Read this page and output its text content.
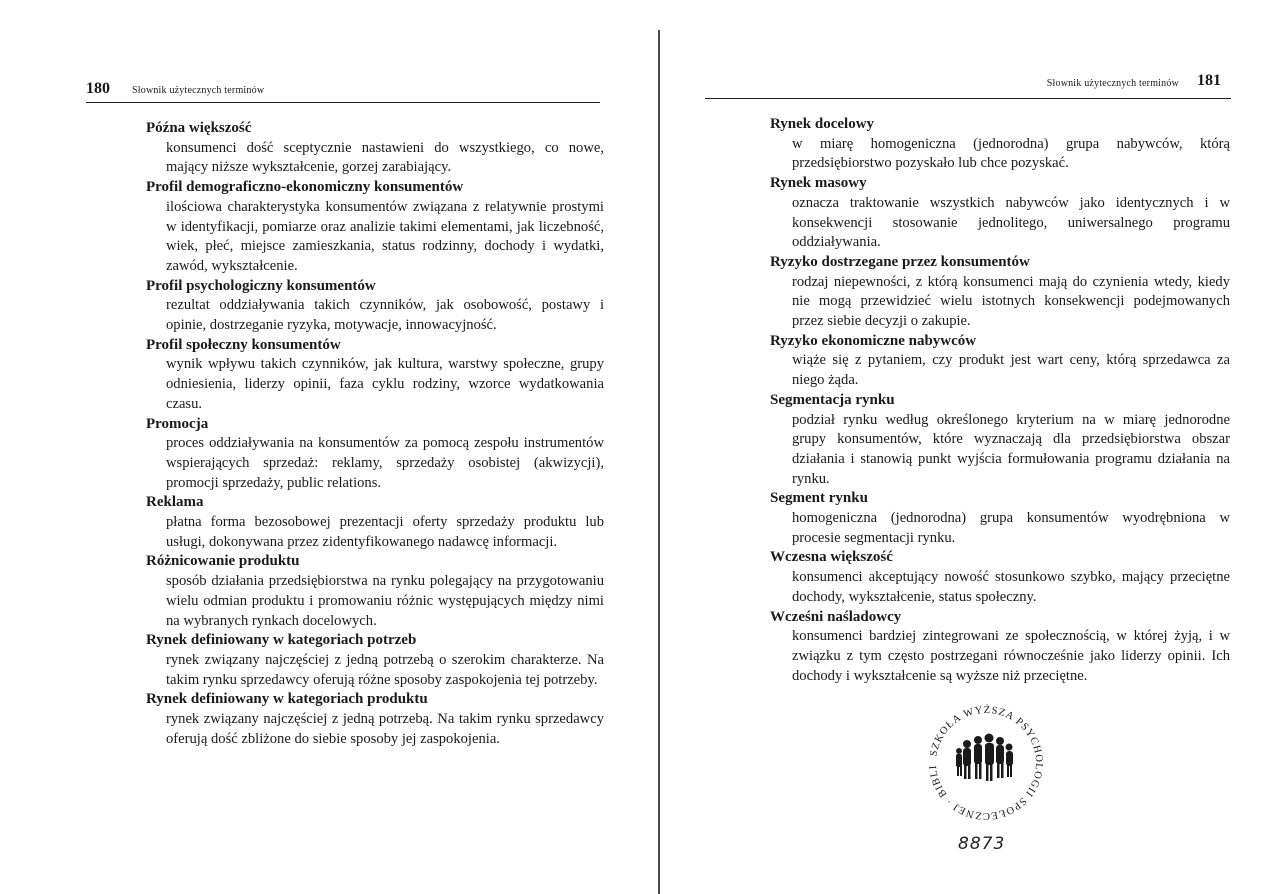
180 Słownik użytecznych terminów
Późna większość
konsumenci dość sceptycznie nastawieni do wszystkiego, co nowe, mający niższe wykształcenie, gorzej zarabiający.
Profil demograficzno-ekonomiczny konsumentów
ilościowa charakterystyka konsumentów związana z relatywnie prostymi w identyfikacji, pomiarze oraz analizie takimi elementami, jak liczebność, wiek, płeć, miejsce zamieszkania, status rodzinny, dochody i wydatki, zawód, wykształcenie.
Profil psychologiczny konsumentów
rezultat oddziaływania takich czynników, jak osobowość, postawy i opinie, dostrzeganie ryzyka, motywacje, innowacyjność.
Profil społeczny konsumentów
wynik wpływu takich czynników, jak kultura, warstwy społeczne, grupy odniesienia, liderzy opinii, faza cyklu rodziny, wzorce wydatkowania czasu.
Promocja
proces oddziaływania na konsumentów za pomocą zespołu instrumentów wspierających sprzedaż: reklamy, sprzedaży osobistej (akwizycji), promocji sprzedaży, public relations.
Reklama
płatna forma bezosobowej prezentacji oferty sprzedaży produktu lub usługi, dokonywana przez zidentyfikowanego nadawcę informacji.
Różnicowanie produktu
sposób działania przedsiębiorstwa na rynku polegający na przygotowaniu wielu odmian produktu i promowaniu różnic występujących między nimi na wybranych rynkach docelowych.
Rynek definiowany w kategoriach potrzeb
rynek związany najczęściej z jedną potrzebą o szerokim charakterze. Na takim rynku sprzedawcy oferują różne sposoby zaspokojenia tej potrzeby.
Rynek definiowany w kategoriach produktu
rynek związany najczęściej z jedną potrzebą. Na takim rynku sprzedawcy oferują dość zbliżone do siebie sposoby jej zaspokojenia.
Słownik użytecznych terminów 181
Rynek docelowy
w miarę homogeniczna (jednorodna) grupa nabywców, którą przedsiębiorstwo pozyskało lub chce pozyskać.
Rynek masowy
oznacza traktowanie wszystkich nabywców jako identycznych i w konsekwencji stosowanie jednolitego, uniwersalnego programu oddziaływania.
Ryzyko dostrzegane przez konsumentów
rodzaj niepewności, z którą konsumenci mają do czynienia wtedy, kiedy nie mogą przewidzieć wielu istotnych konsekwencji podejmowanych przez siebie decyzji o zakupie.
Ryzyko ekonomiczne nabywców
wiąże się z pytaniem, czy produkt jest wart ceny, którą sprzedawca za niego żąda.
Segmentacja rynku
podział rynku według określonego kryterium na w miarę jednorodne grupy konsumentów, które wyznaczają dla przedsiębiorstwa obszar działania i stanowią punkt wyjścia formułowania programu działania na rynku.
Segment rynku
homogeniczna (jednorodna) grupa konsumentów wyodrębniona w procesie segmentacji rynku.
Wczesna większość
konsumenci akceptujący nowość stosunkowo szybko, mający przeciętne dochody, wykształcenie, status społeczny.
Wcześni naśladowcy
konsumenci bardziej zintegrowani ze społecznością, w której żyją, i w związku z tym często postrzegani równocześnie jako liderzy opinii. Ich dochody i wykształcenie są wyższe niż przeciętne.
SZKOŁA WYŻSZA PSYCHOLOGII SPOŁECZNEJ · BIBLI
8873
